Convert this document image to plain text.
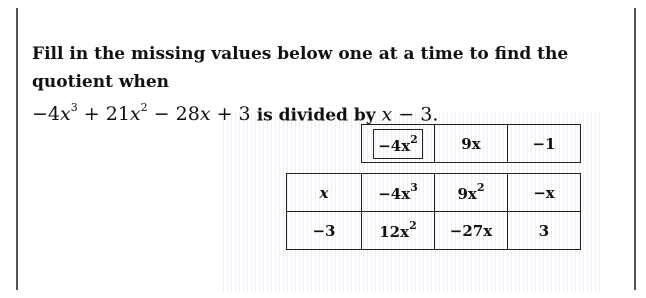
Fill in the missing values below one at a time to find the quotient when
$-4x^3 + 21x^2 - 28x + 3$ is divided by x − 3.
	$-4x^2$	9x	−1

x	$-4x^3$	$9x^2$	−x
−3	$12x^2$	−27x	3
